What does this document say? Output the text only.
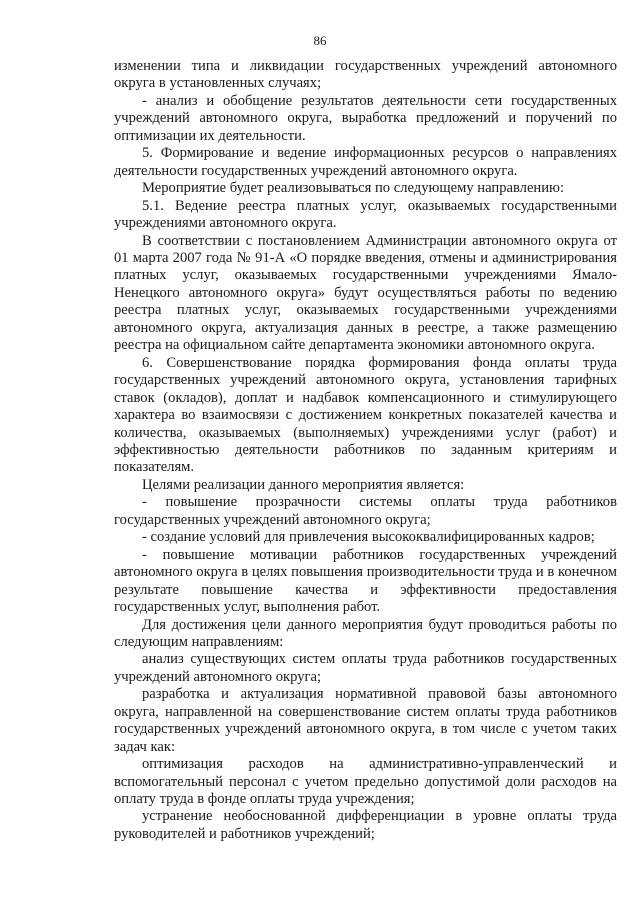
86

изменении типа и ликвидации государственных учреждений автономного округа в установленных случаях;

- анализ и обобщение результатов деятельности сети государственных учреждений автономного округа, выработка предложений и поручений по оптимизации их деятельности.

5. Формирование и ведение информационных ресурсов о направлениях деятельности государственных учреждений автономного округа.

Мероприятие будет реализовываться по следующему направлению:

5.1. Ведение реестра платных услуг, оказываемых государственными учреждениями автономного округа.

В соответствии с постановлением Администрации автономного округа от 01 марта 2007 года № 91-А «О порядке введения, отмены и администрирования платных услуг, оказываемых государственными учреждениями Ямало-Ненецкого автономного округа» будут осуществляться работы по ведению реестра платных услуг, оказываемых государственными учреждениями автономного округа, актуализация данных в реестре, а также размещению реестра на официальном сайте департамента экономики автономного округа.

6. Совершенствование порядка формирования фонда оплаты труда государственных учреждений автономного округа, установления тарифных ставок (окладов), доплат и надбавок компенсационного и стимулирующего характера во взаимосвязи с достижением конкретных показателей качества и количества, оказываемых (выполняемых) учреждениями услуг (работ) и эффективностью деятельности работников по заданным критериям и показателям.

Целями реализации данного мероприятия является:

- повышение прозрачности системы оплаты труда работников государственных учреждений автономного округа;

- создание условий для привлечения высококвалифицированных кадров;

- повышение мотивации работников государственных учреждений автономного округа в целях повышения производительности труда и в конечном результате повышение качества и эффективности предоставления государственных услуг, выполнения работ.

Для достижения цели данного мероприятия будут проводиться работы по следующим направлениям:

анализ существующих систем оплаты труда работников государственных учреждений автономного округа;

разработка и актуализация нормативной правовой базы автономного округа, направленной на совершенствование систем оплаты труда работников государственных учреждений автономного округа, в том числе с учетом таких задач как:

оптимизация расходов на административно-управленческий и вспомогательный персонал с учетом предельно допустимой доли расходов на оплату труда в фонде оплаты труда учреждения;

устранение необоснованной дифференциации в уровне оплаты труда руководителей и работников учреждений;
